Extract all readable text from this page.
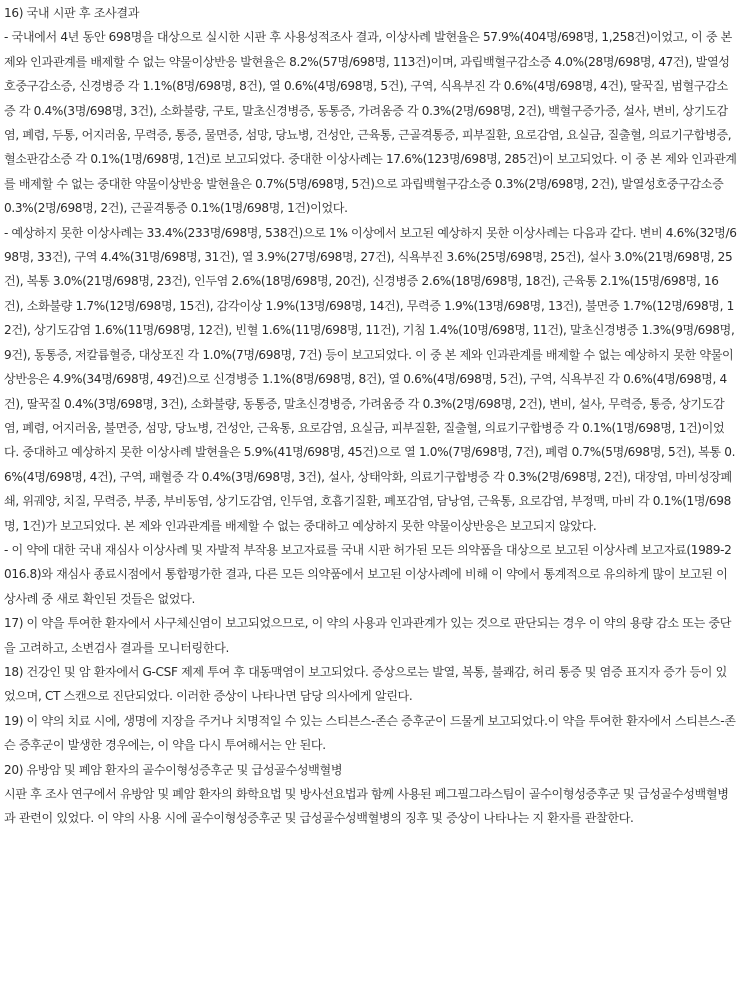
16) 국내 시판 후 조사결과

- 국내에서 4년 동안 698명을 대상으로 실시한 시판 후 사용성적조사 결과, 이상사례 발현율은 57.9%(404명/698명, 1,258건)이었고, 이 중 본 제와 인과관계를 배제할 수 없는 약물이상반응 발현율은 8.2%(57명/698명, 113건)이며, 과립백혈구감소증 4.0%(28명/698명, 47건), 발열성호중구감소증, 신경병증 각 1.1%(8명/698명, 8건), 열 0.6%(4명/698명, 5건), 구역, 식욕부진 각 0.6%(4명/698명, 4건), 딸꾹질, 범혈구감소증 각 0.4%(3명/698명, 3건), 소화불량, 구토, 말초신경병증, 동통증, 가려움증 각 0.3%(2명/698명, 2건), 백혈구증가증, 설사, 변비, 상기도감염, 폐렴, 두통, 어지러움, 무력증, 통증, 물면증, 섬망, 당뇨병, 건성안, 근육통, 근골격통증, 피부질환, 요로감염, 요실금, 질출혈, 의료기구합병증, 혈소판감소증 각 0.1%(1명/698명, 1건)로 보고되었다. 중대한 이상사례는 17.6%(123명/698명, 285건)이 보고되었다. 이 중 본 제와 인과관계를 배제할 수 없는 중대한 약물이상반응 발현율은 0.7%(5명/698명, 5건)으로 과립백혈구감소증 0.3%(2명/698명, 2건), 발열성호중구감소증 0.3%(2명/698명, 2건), 근골격통증 0.1%(1명/698명, 1건)이었다.

- 예상하지 못한 이상사례는 33.4%(233명/698명, 538건)으로 1% 이상에서 보고된 예상하지 못한 이상사례는 다음과 같다. 변비 4.6%(32명/698명, 33건), 구역 4.4%(31명/698명, 31건), 열 3.9%(27명/698명, 27건), 식욕부진 3.6%(25명/698명, 25건), 설사 3.0%(21명/698명, 25건), 복통 3.0%(21명/698명, 23건), 인두염 2.6%(18명/698명, 20건), 신경병증 2.6%(18명/698명, 18건), 근육통 2.1%(15명/698명, 16건), 소화불량 1.7%(12명/698명, 15건), 감각이상 1.9%(13명/698명, 14건), 무력증 1.9%(13명/698명, 13건), 불면증 1.7%(12명/698명, 12건), 상기도감염 1.6%(11명/698명, 12건), 빈혈 1.6%(11명/698명, 11건), 기침 1.4%(10명/698명, 11건), 말초신경병증 1.3%(9명/698명, 9건), 동통증, 저칼륨혈증, 대상포진 각 1.0%(7명/698명, 7건) 등이 보고되었다. 이 중 본 제와 인과관계를 배제할 수 없는 예상하지 못한 약물이상반응은 4.9%(34명/698명, 49건)으로 신경병증 1.1%(8명/698명, 8건), 열 0.6%(4명/698명, 5건), 구역, 식욕부진 각 0.6%(4명/698명, 4건), 딸꾹질 0.4%(3명/698명, 3건), 소화불량, 동통증, 말초신경병증, 가려움증 각 0.3%(2명/698명, 2건), 변비, 설사, 무력증, 통증, 상기도감염, 폐렴, 어지러움, 불면증, 섬망, 당뇨병, 건성안, 근육통, 요로감염, 요실금, 피부질환, 질출혈, 의료기구합병증 각 0.1%(1명/698명, 1건)이었다. 중대하고 예상하지 못한 이상사례 발현율은 5.9%(41명/698명, 45건)으로 열 1.0%(7명/698명, 7건), 폐렴 0.7%(5명/698명, 5건), 복통 0.6%(4명/698명, 4건), 구역, 패혈증 각 0.4%(3명/698명, 3건), 설사, 상태악화, 의료기구합병증 각 0.3%(2명/698명, 2건), 대장염, 마비성장폐쇄, 위궤양, 치질, 무력증, 부종, 부비동염, 상기도감염, 인두염, 호흡기질환, 폐포감염, 담낭염, 근육통, 요로감염, 부정맥, 마비 각 0.1%(1명/698명, 1건)가 보고되었다. 본 제와 인과관계를 배제할 수 없는 중대하고 예상하지 못한 약물이상반응은 보고되지 않았다.

- 이 약에 대한 국내 재심사 이상사례 및 자발적 부작용 보고자료를 국내 시판 허가된 모든 의약품을 대상으로 보고된 이상사례 보고자료(1989-2016.8)와 재심사 종료시점에서 통합평가한 결과, 다른 모든 의약품에서 보고된 이상사례에 비해 이 약에서 통계적으로 유의하게 많이 보고된 이상사례 중 새로 확인된 것들은 없었다.

17) 이 약을 투여한 환자에서 사구체신염이 보고되었으므로, 이 약의 사용과 인과관계가 있는 것으로 판단되는 경우 이 약의 용량 감소 또는 중단을 고려하고, 소변검사 결과를 모니터링한다.

18) 건강인 및 암 환자에서 G-CSF 제제 투여 후 대동맥염이 보고되었다. 증상으로는 발열, 복통, 불쾌감, 허리 통증 및 염증 표지자 증가 등이 있었으며, CT 스캔으로 진단되었다. 이러한 증상이 나타나면 담당 의사에게 알린다.

19) 이 약의 치료 시에, 생명에 지장을 주거나 치명적일 수 있는 스티븐스-존슨 증후군이 드물게 보고되었다.이 약을 투여한 환자에서 스티븐스-존슨 증후군이 발생한 경우에는, 이 약을 다시 투여해서는 안 된다.

20) 유방암 및 폐암 환자의 골수이형성증후군 및 급성골수성백혈병

시판 후 조사 연구에서 유방암 및 폐암 환자의 화학요법 및 방사선요법과 함께 사용된 페그필그라스팀이 골수이형성증후군 및 급성골수성백혈병과 관련이 있었다. 이 약의 사용 시에 골수이형성증후군 및 급성골수성백혈병의 징후 및 증상이 나타나는 지 환자를 관찰한다.
